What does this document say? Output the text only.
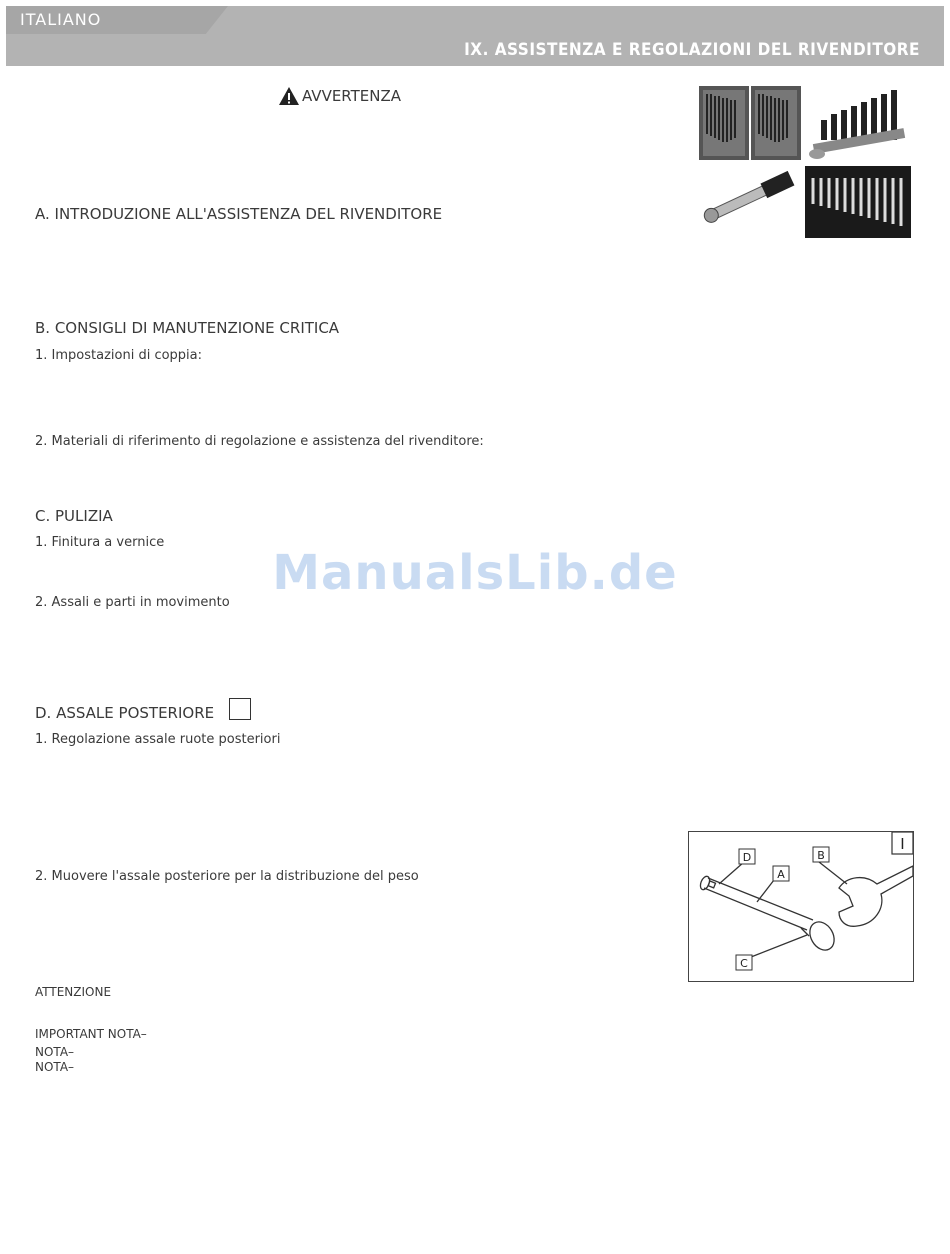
ITALIANO
IX. ASSISTENZA E REGOLAZIONI DEL RIVENDITORE
AVVERTENZA
A. INTRODUZIONE ALL'ASSISTENZA DEL RIVENDITORE
B. CONSIGLI DI MANUTENZIONE CRITICA
1. Impostazioni di coppia:
2. Materiali di riferimento di regolazione e assistenza del rivenditore:
C. PULIZIA
1. Finitura a vernice
2. Assali e parti in movimento
ManualsLib.de
D. ASSALE POSTERIORE
1. Regolazione assale ruote posteriori
2. Muovere l'assale posteriore per la distribuzione del peso
ATTENZIONE
IMPORTANT NOTA–
NOTA–
NOTA–
I
D	B
A
C
